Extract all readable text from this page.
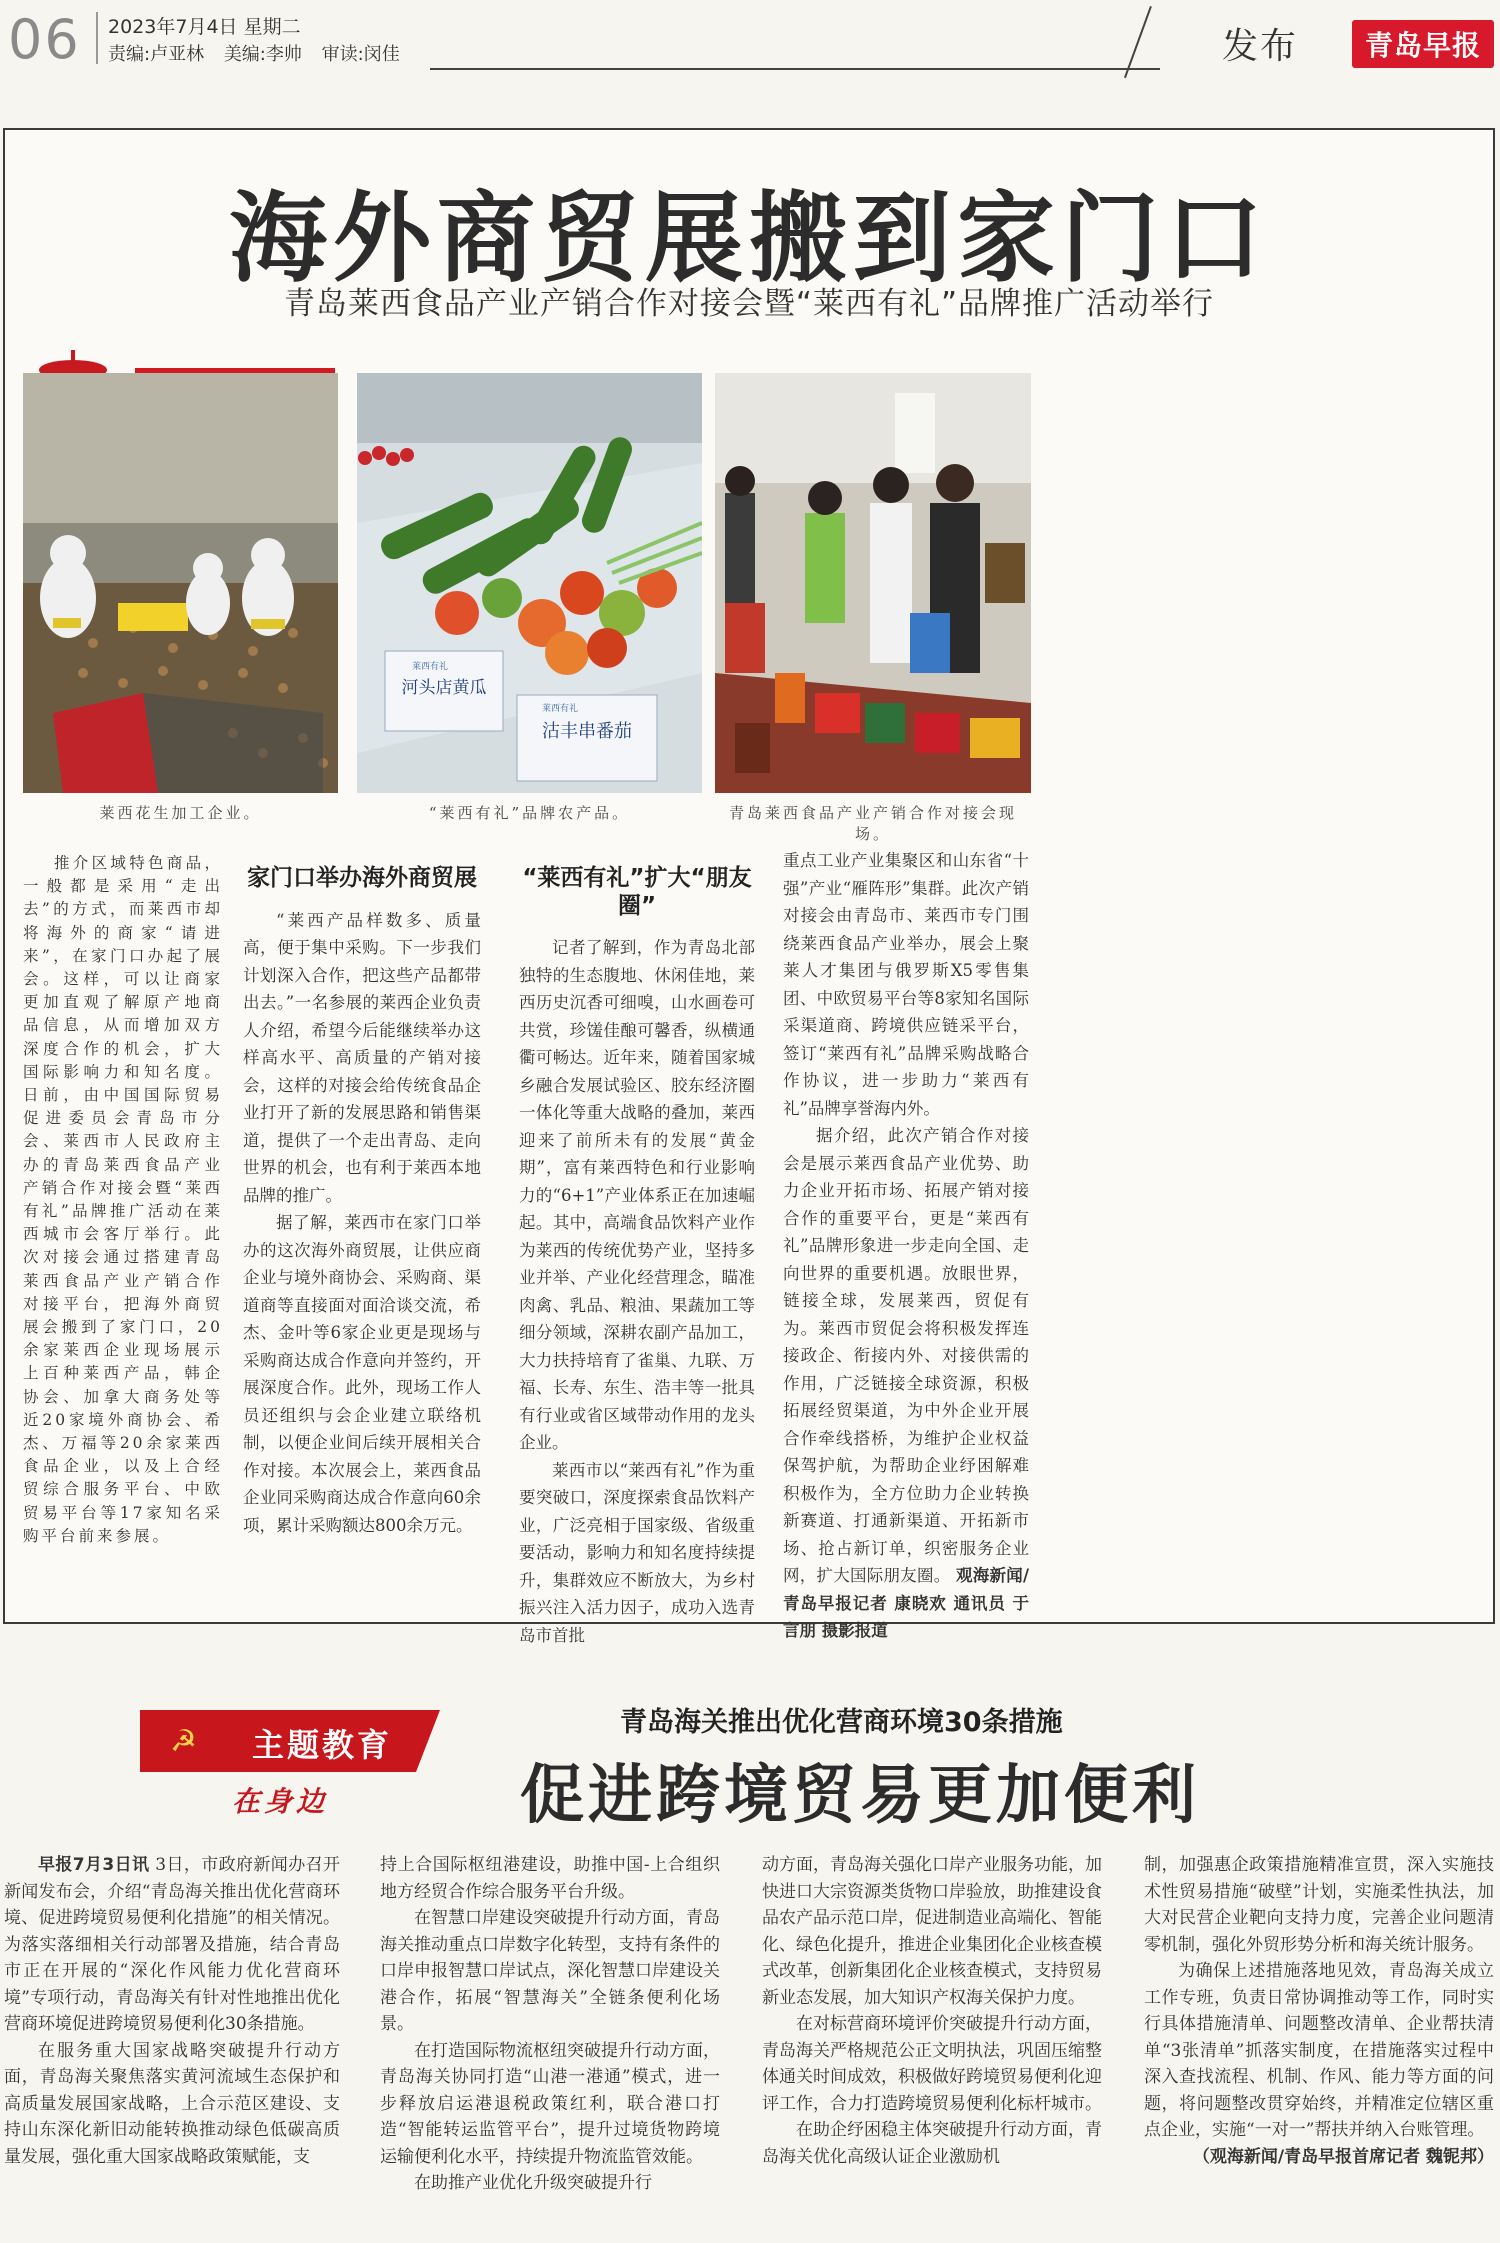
06 2023年7月4日 星期二
责编:卢亚林 美编:李帅 审读:闵佳	发布	青岛早报
海外商贸展搬到家门口
青岛莱西食品产业产销合作对接会暨“莱西有礼”品牌推广活动举行
莱西花生加工企业。
河头店黄瓜
莱西有礼
沽丰串番茄
莱西有礼
“莱西有礼”品牌农产品。	青岛莱西食品产业产销合作对接会现场。

推介区域特色商品，一般都是采用“走出去”的方式，而莱西市却将海外的商家“请进来”，在家门口办起了展会。这样，可以让商家更加直观了解原产地商品信息，从而增加双方深度合作的机会，扩大国际影响力和知名度。日前，由中国国际贸易促进委员会青岛市分会、莱西市人民政府主办的青岛莱西食品产业产销合作对接会暨“莱西有礼”品牌推广活动在莱西城市会客厅举行。此次对接会通过搭建青岛莱西食品产业产销合作对接平台，把海外商贸展会搬到了家门口，20余家莱西企业现场展示上百种莱西产品，韩企协会、加拿大商务处等近20家境外商协会、希杰、万福等20余家莱西食品企业，以及上合经贸综合服务平台、中欧贸易平台等17家知名采购平台前来参展。

家门口举办海外商贸展

“莱西产品样数多、质量高，便于集中采购。下一步我们计划深入合作，把这些产品都带出去。”一名参展的莱西企业负责人介绍，希望今后能继续举办这样高水平、高质量的产销对接会，这样的对接会给传统食品企业打开了新的发展思路和销售渠道，提供了一个走出青岛、走向世界的机会，也有利于莱西本地品牌的推广。

据了解，莱西市在家门口举办的这次海外商贸展，让供应商企业与境外商协会、采购商、渠道商等直接面对面洽谈交流，希杰、金叶等6家企业更是现场与采购商达成合作意向并签约，开展深度合作。此外，现场工作人员还组织与会企业建立联络机制，以便企业间后续开展相关合作对接。本次展会上，莱西食品企业同采购商达成合作意向60余项，累计采购额达800余万元。

“莱西有礼”扩大“朋友圈”

记者了解到，作为青岛北部独特的生态腹地、休闲佳地，莱西历史沉香可细嗅，山水画卷可共赏，珍馐佳酿可馨香，纵横通衢可畅达。近年来，随着国家城乡融合发展试验区、胶东经济圈一体化等重大战略的叠加，莱西迎来了前所未有的发展“黄金期”，富有莱西特色和行业影响力的“6+1”产业体系正在加速崛起。其中，高端食品饮料产业作为莱西的传统优势产业，坚持多业并举、产业化经营理念，瞄准肉禽、乳品、粮油、果蔬加工等细分领域，深耕农副产品加工，大力扶持培育了雀巢、九联、万福、长寿、东生、浩丰等一批具有行业或省区域带动作用的龙头企业。

莱西市以“莱西有礼”作为重要突破口，深度探索食品饮料产业，广泛亮相于国家级、省级重要活动，影响力和知名度持续提升，集群效应不断放大，为乡村振兴注入活力因子，成功入选青岛市首批

重点工业产业集聚区和山东省“十强”产业“雁阵形”集群。此次产销对接会由青岛市、莱西市专门围绕莱西食品产业举办，展会上聚莱人才集团与俄罗斯X5零售集团、中欧贸易平台等8家知名国际采渠道商、跨境供应链采平台，签订“莱西有礼”品牌采购战略合作协议，进一步助力“莱西有礼”品牌享誉海内外。

据介绍，此次产销合作对接会是展示莱西食品产业优势、助力企业开拓市场、拓展产销对接合作的重要平台，更是“莱西有礼”品牌形象进一步走向全国、走向世界的重要机遇。放眼世界，链接全球，发展莱西，贸促有为。莱西市贸促会将积极发挥连接政企、衔接内外、对接供需的作用，广泛链接全球资源，积极拓展经贸渠道，为中外企业开展合作牵线搭桥，为维护企业权益保驾护航，为帮助企业纾困解难积极作为，全方位助力企业转换新赛道、打通新渠道、开拓新市场、抢占新订单，织密服务企业网，扩大国际朋友圈。 观海新闻/青岛早报记者 康晓欢 通讯员 于言朋 摄影报道

☭ 主题教育
在身边
青岛海关推出优化营商环境30条措施
促进跨境贸易更加便利

早报7月3日讯 3日，市政府新闻办召开新闻发布会，介绍“青岛海关推出优化营商环境、促进跨境贸易便利化措施”的相关情况。为落实落细相关行动部署及措施，结合青岛市正在开展的“深化作风能力优化营商环境”专项行动，青岛海关有针对性地推出优化营商环境促进跨境贸易便利化30条措施。

在服务重大国家战略突破提升行动方面，青岛海关聚焦落实黄河流域生态保护和高质量发展国家战略，上合示范区建设、支持山东深化新旧动能转换推动绿色低碳高质量发展，强化重大国家战略政策赋能，支

持上合国际枢纽港建设，助推中国-上合组织地方经贸合作综合服务平台升级。

在智慧口岸建设突破提升行动方面，青岛海关推动重点口岸数字化转型，支持有条件的口岸申报智慧口岸试点，深化智慧口岸建设关港合作，拓展“智慧海关”全链条便利化场景。

在打造国际物流枢纽突破提升行动方面，青岛海关协同打造“山港一港通”模式，进一步释放启运港退税政策红利，联合港口打造“智能转运监管平台”，提升过境货物跨境运输便利化水平，持续提升物流监管效能。

在助推产业优化升级突破提升行

动方面，青岛海关强化口岸产业服务功能，加快进口大宗资源类货物口岸验放，助推建设食品农产品示范口岸，促进制造业高端化、智能化、绿色化提升，推进企业集团化企业核查模式改革，创新集团化企业核查模式，支持贸易新业态发展，加大知识产权海关保护力度。

在对标营商环境评价突破提升行动方面，青岛海关严格规范公正文明执法，巩固压缩整体通关时间成效，积极做好跨境贸易便利化迎评工作，合力打造跨境贸易便利化标杆城市。

在助企纾困稳主体突破提升行动方面，青岛海关优化高级认证企业激励机

制，加强惠企政策措施精准宣贯，深入实施技术性贸易措施“破壁”计划，实施柔性执法，加大对民营企业靶向支持力度，完善企业问题清零机制，强化外贸形势分析和海关统计服务。

为确保上述措施落地见效，青岛海关成立工作专班，负责日常协调推动等工作，同时实行具体措施清单、问题整改清单、企业帮扶清单“3张清单”抓落实制度，在措施落实过程中深入查找流程、机制、作风、能力等方面的问题，将问题整改贯穿始终，并精准定位辖区重点企业，实施“一对一”帮扶并纳入台账管理。

（观海新闻/青岛早报首席记者 魏铌邦）
